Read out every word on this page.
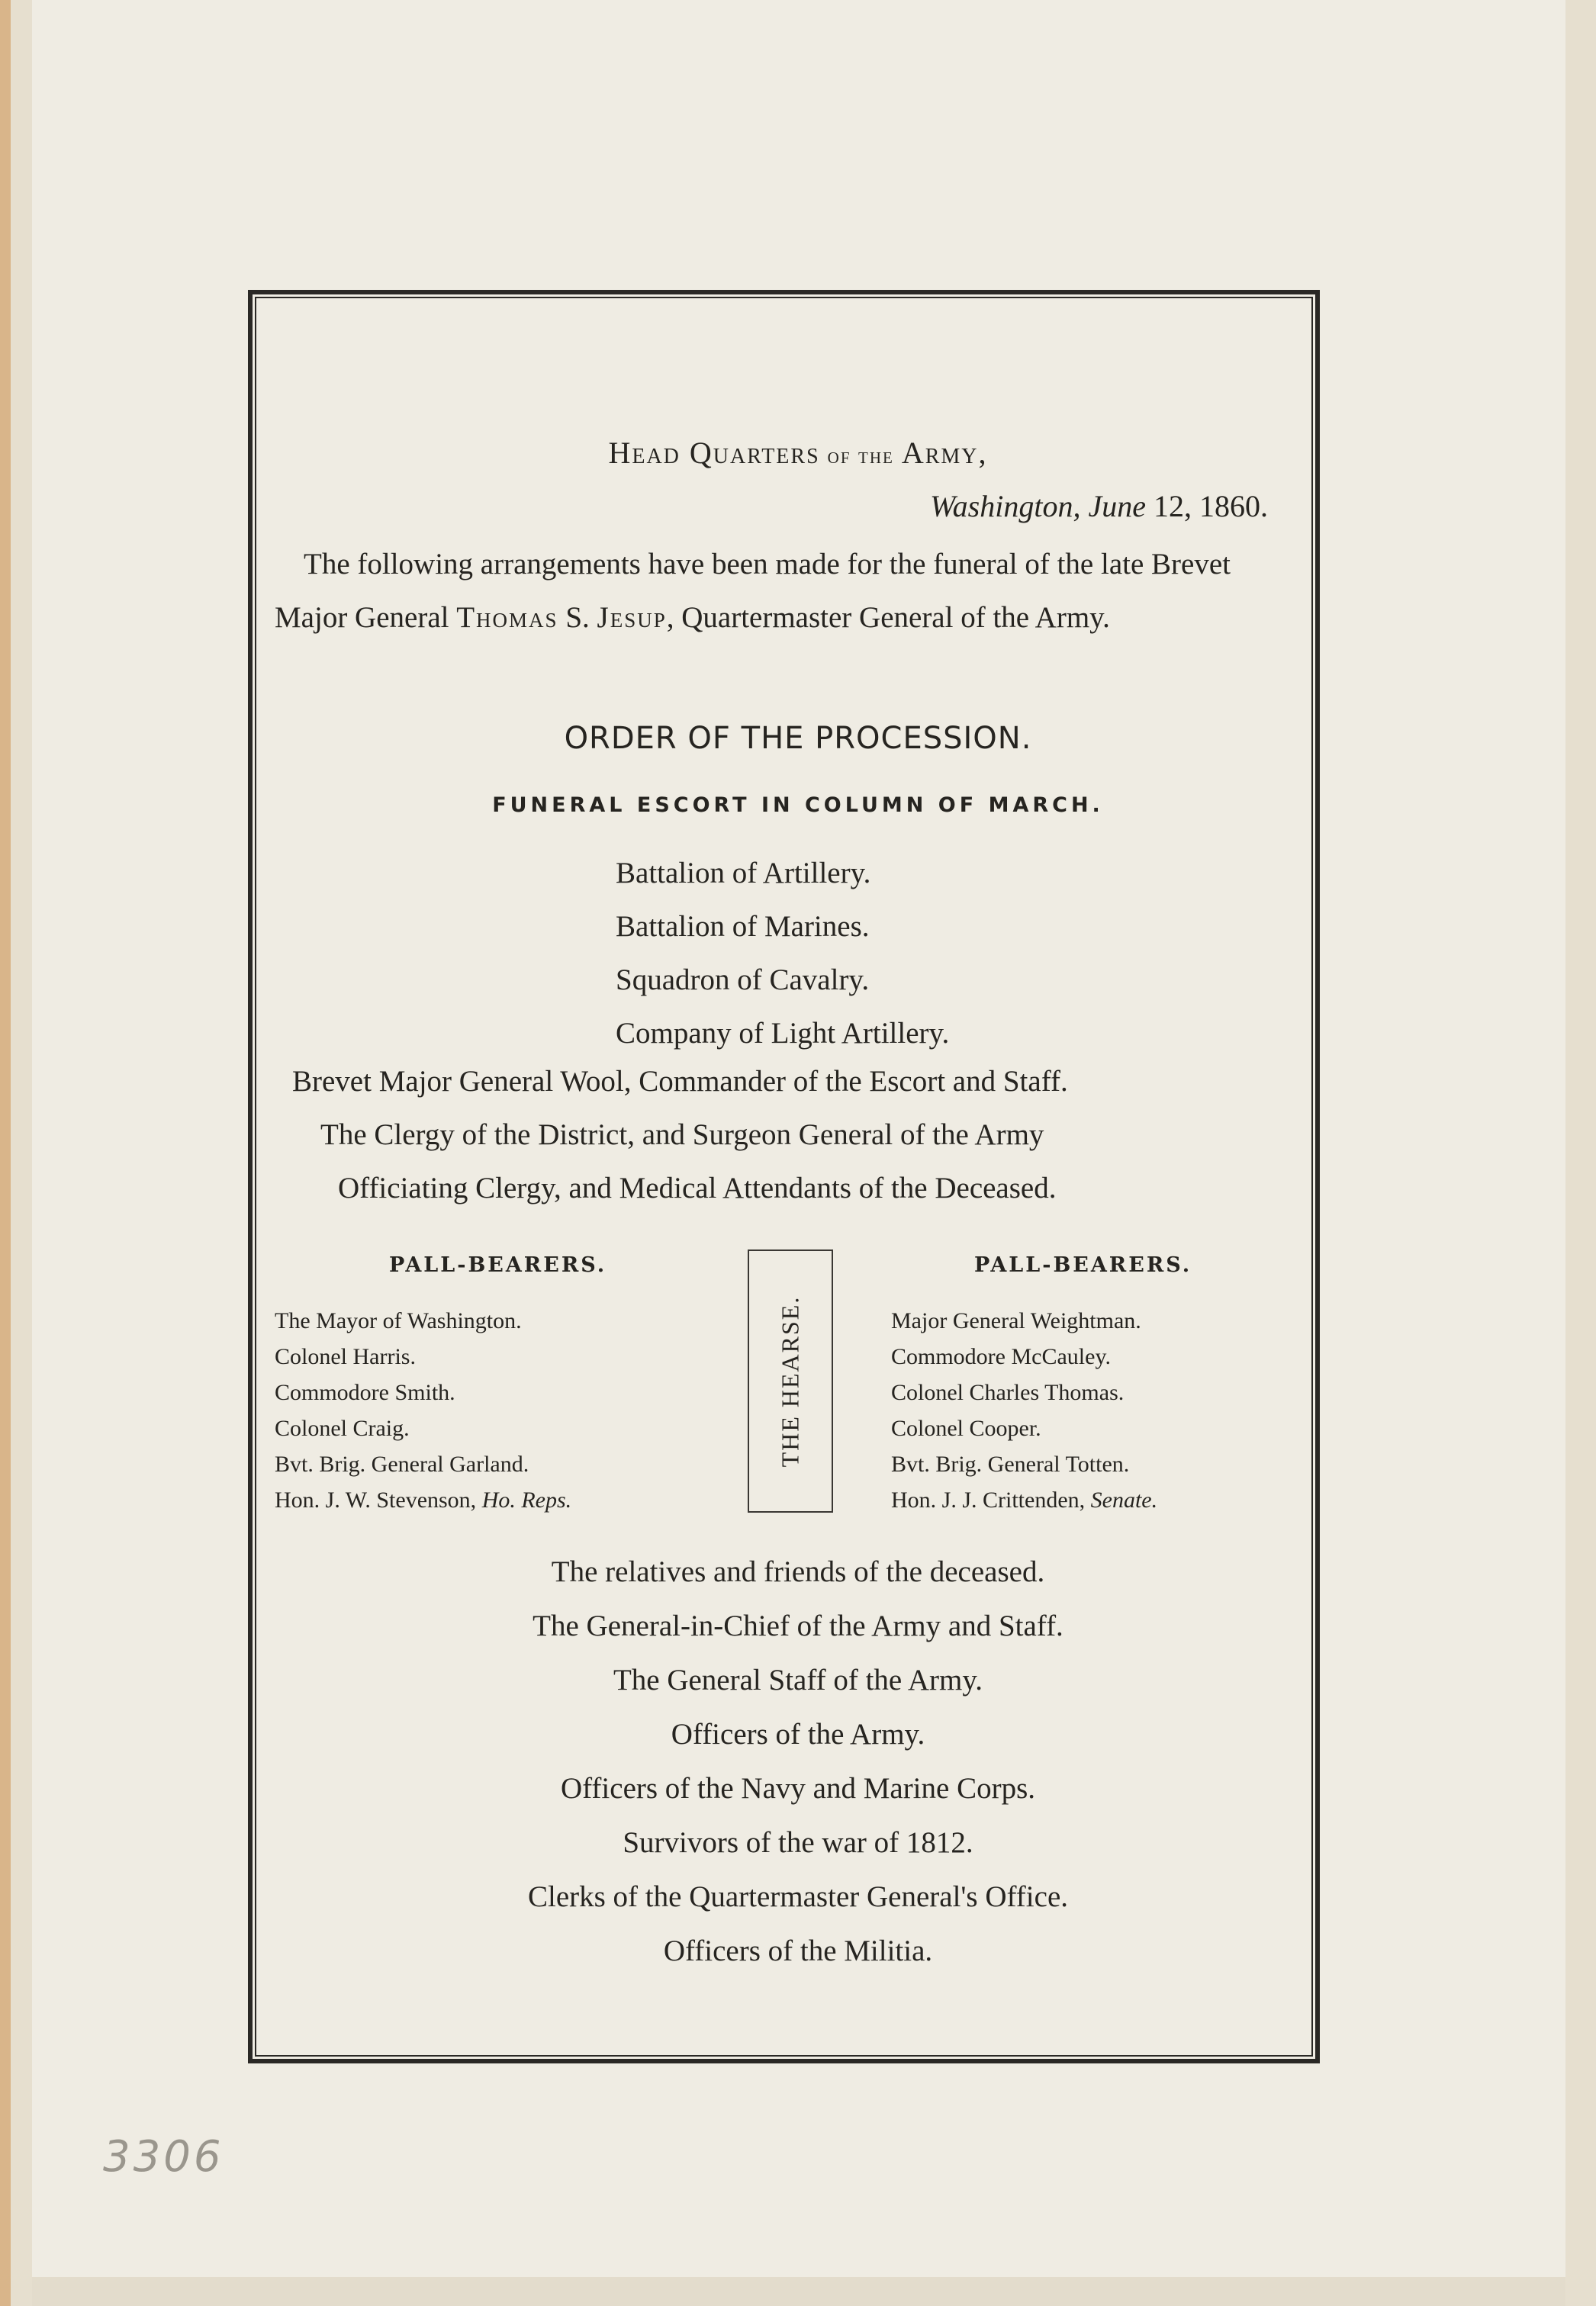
Head Quarters of the Army,
Washington, June 12, 1860.
The following arrangements have been made for the funeral of the late Brevet Major General Thomas S. Jesup, Quartermaster General of the Army.
ORDER OF THE PROCESSION.
FUNERAL ESCORT IN COLUMN OF MARCH.
Battalion of Artillery.
Battalion of Marines.
Squadron of Cavalry.
Company of Light Artillery.
Brevet Major General Wool, Commander of the Escort and Staff.
The Clergy of the District, and Surgeon General of the Army
Officiating Clergy, and Medical Attendants of the Deceased.
PALL-BEARERS.
The Mayor of Washington.
Colonel Harris.
Commodore Smith.
Colonel Craig.
Bvt. Brig. General Garland.
Hon. J. W. Stevenson, Ho. Reps.
THE HEARSE.
PALL-BEARERS.
Major General Weightman.
Commodore McCauley.
Colonel Charles Thomas.
Colonel Cooper.
Bvt. Brig. General Totten.
Hon. J. J. Crittenden, Senate.
The relatives and friends of the deceased.
The General-in-Chief of the Army and Staff.
The General Staff of the Army.
Officers of the Army.
Officers of the Navy and Marine Corps.
Survivors of the war of 1812.
Clerks of the Quartermaster General's Office.
Officers of the Militia.
3306
